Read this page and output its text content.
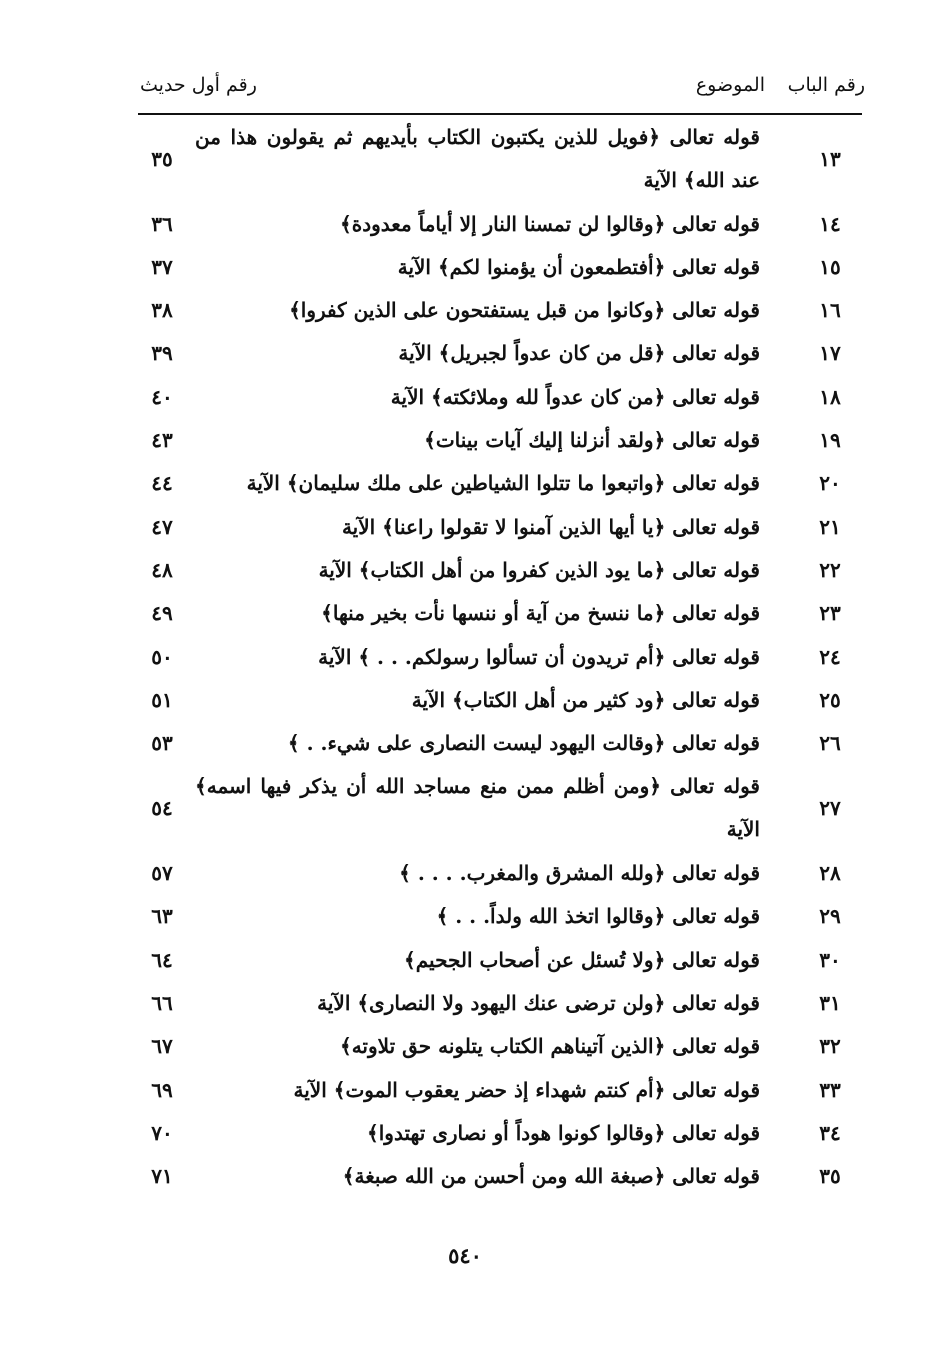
رقم الباب
الموضوع
رقم أول حديث
١٣
قوله تعالى ﴿فويل للذين يكتبون الكتاب بأيديهم ثم يقولون هذا من عند الله﴾ الآية
٣٥
١٤
قوله تعالى ﴿وقالوا لن تمسنا النار إلا أياماً معدودة﴾
٣٦
١٥
قوله تعالى ﴿أفتطمعون أن يؤمنوا لكم﴾ الآية
٣٧
١٦
قوله تعالى ﴿وكانوا من قبل يستفتحون على الذين كفروا﴾
٣٨
١٧
قوله تعالى ﴿قل من كان عدواً لجبريل﴾ الآية
٣٩
١٨
قوله تعالى ﴿من كان عدواً لله وملائكته﴾ الآية
٤٠
١٩
قوله تعالى ﴿ولقد أنزلنا إليك آيات بينات﴾
٤٣
٢٠
قوله تعالى ﴿واتبعوا ما تتلوا الشياطين على ملك سليمان﴾ الآية
٤٤
٢١
قوله تعالى ﴿يا أيها الذين آمنوا لا تقولوا راعنا﴾ الآية
٤٧
٢٢
قوله تعالى ﴿ما يود الذين كفروا من أهل الكتاب﴾ الآية
٤٨
٢٣
قوله تعالى ﴿ما ننسخ من آية أو ننسها نأت بخير منها﴾
٤٩
٢٤
قوله تعالى ﴿أم تريدون أن تسألوا رسولكم. . . ﴾ الآية
٥٠
٢٥
قوله تعالى ﴿ود كثير من أهل الكتاب﴾ الآية
٥١
٢٦
قوله تعالى ﴿وقالت اليهود ليست النصارى على شيء. . ﴾
٥٣
٢٧
قوله تعالى ﴿ومن أظلم ممن منع مساجد الله أن يذكر فيها اسمه﴾ الآية
٥٤
٢٨
قوله تعالى ﴿ولله المشرق والمغرب. . . . ﴾
٥٧
٢٩
قوله تعالى ﴿وقالوا اتخذ الله ولداً. . . ﴾
٦٣
٣٠
قوله تعالى ﴿ولا تُسئل عن أصحاب الجحيم﴾
٦٤
٣١
قوله تعالى ﴿ولن ترضى عنك اليهود ولا النصارى﴾ الآية
٦٦
٣٢
قوله تعالى ﴿الذين آتيناهم الكتاب يتلونه حق تلاوته﴾
٦٧
٣٣
قوله تعالى ﴿أم كنتم شهداء إذ حضر يعقوب الموت﴾ الآية
٦٩
٣٤
قوله تعالى ﴿وقالوا كونوا هوداً أو نصارى تهتدوا﴾
٧٠
٣٥
قوله تعالى ﴿صبغة الله ومن أحسن من الله صبغة﴾
٧١
٥٤٠
